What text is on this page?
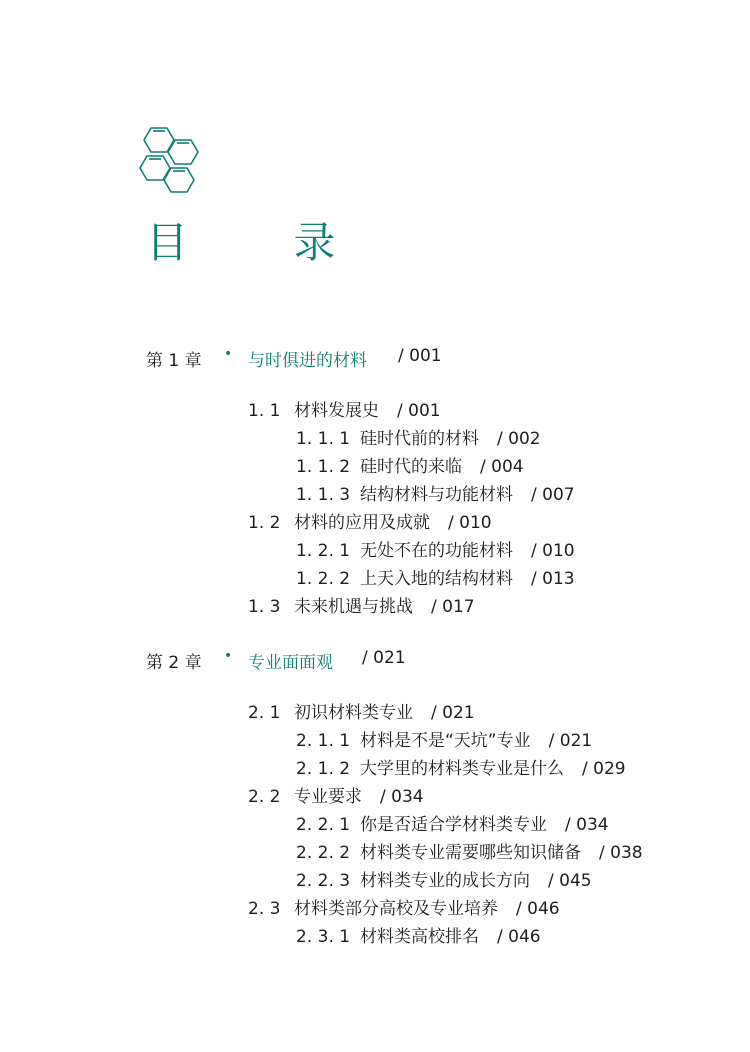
目 录
第 1 章 • 与时俱进的材料 / 001
第 2 章 • 专业面面观 / 021
1. 1 材料发展史 / 001
1. 1. 1 硅时代前的材料 / 002
1. 1. 2 硅时代的来临 / 004
1. 1. 3 结构材料与功能材料 / 007
1. 2 材料的应用及成就 / 010
1. 2. 1 无处不在的功能材料 / 010
1. 2. 2 上天入地的结构材料 / 013
1. 3 未来机遇与挑战 / 017
2. 1 初识材料类专业 / 021
2. 1. 1 材料是不是“天坑”专业 / 021
2. 1. 2 大学里的材料类专业是什么 / 029
2. 2 专业要求 / 034
2. 2. 1 你是否适合学材料类专业 / 034
2. 2. 2 材料类专业需要哪些知识储备 / 038
2. 2. 3 材料类专业的成长方向 / 045
2. 3 材料类部分高校及专业培养 / 046
2. 3. 1 材料类高校排名 / 046
